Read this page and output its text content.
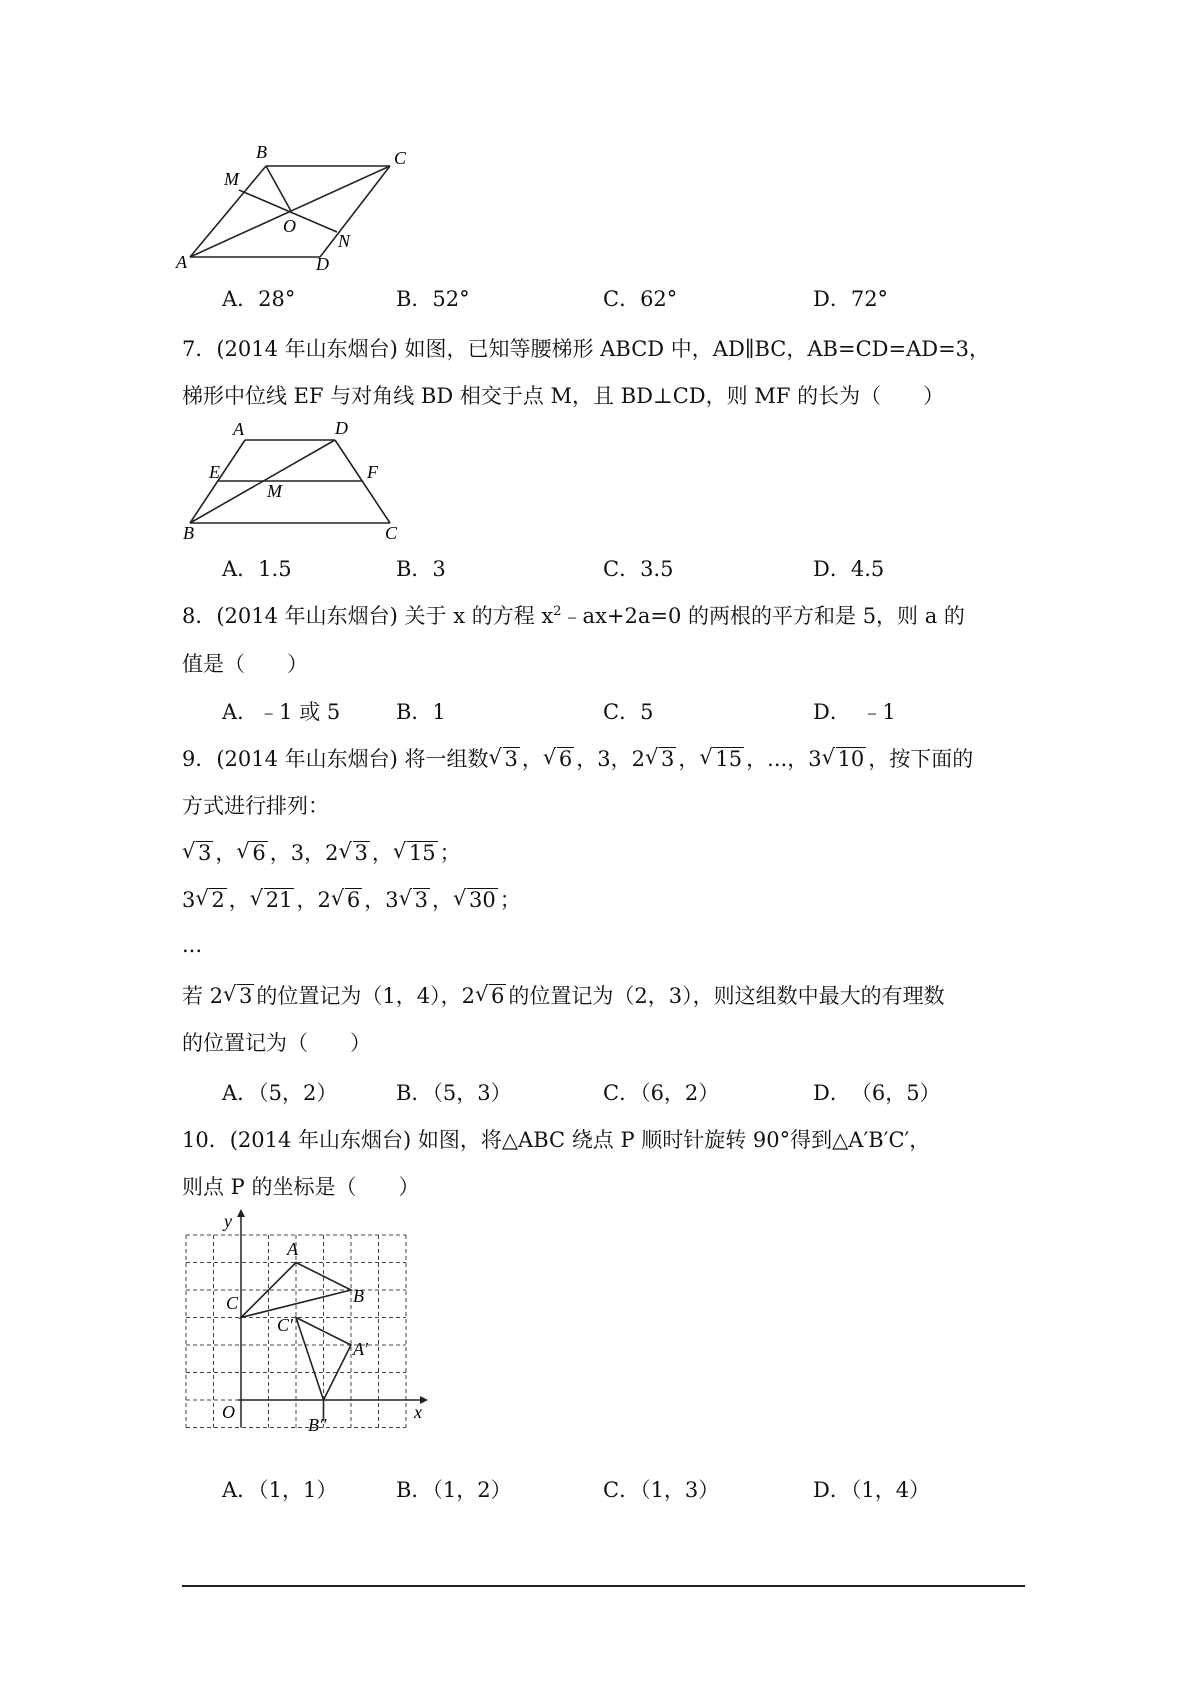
A
B	C
D
M
N
O
A．28°	B．52°	C．62°	D．72°
7．(2014 年山东烟台) 如图，已知等腰梯形 ABCD 中，AD∥BC，AB=CD=AD=3，
梯形中位线 EF 与对角线 BD 相交于点 M，且 BD⊥CD，则 MF 的长为（　　）
A	D
E	F
M
B	C
A．1.5	B．3	C．3.5	D．4.5
8．(2014 年山东烟台) 关于 x 的方程 $x^2﹣ax+2a=0$ 的两根的平方和是 5，则 a 的
值是（　　）
A．﹣1 或 5	B．1	C．5	D．　﹣1
9．(2014 年山东烟台) 将一组数 √ 3 ， √ 6 ，3，2 √ 3 ， √ 15 ，...，3 √ 10 ，按下面的
方式进行排列：
√ 3 ， √ 6 ，3，2 √ 3 ， √ 15 ；
3 √ 2 ， √ 21 ，2 √ 6 ，3 √ 3 ， √ 30 ；
...
若 2 √ 3 的位置记为（1，4），2 √ 6 的位置记为（2，3），则这组数中最大的有理数
的位置记为（　　）
A．（5，2）	B．（5，3）	C．（6，2）	D．　（6，5）
10．(2014 年山东烟台) 如图，将△ABC 绕点 P 顺时针旋转 90°得到△A′B′C′，
则点 P 的坐标是（　　）
y
x
O
A
B
C
C′
A′
B″
A．（1，1）	B．（1，2）	C．（1，3）	D．（1，4）
